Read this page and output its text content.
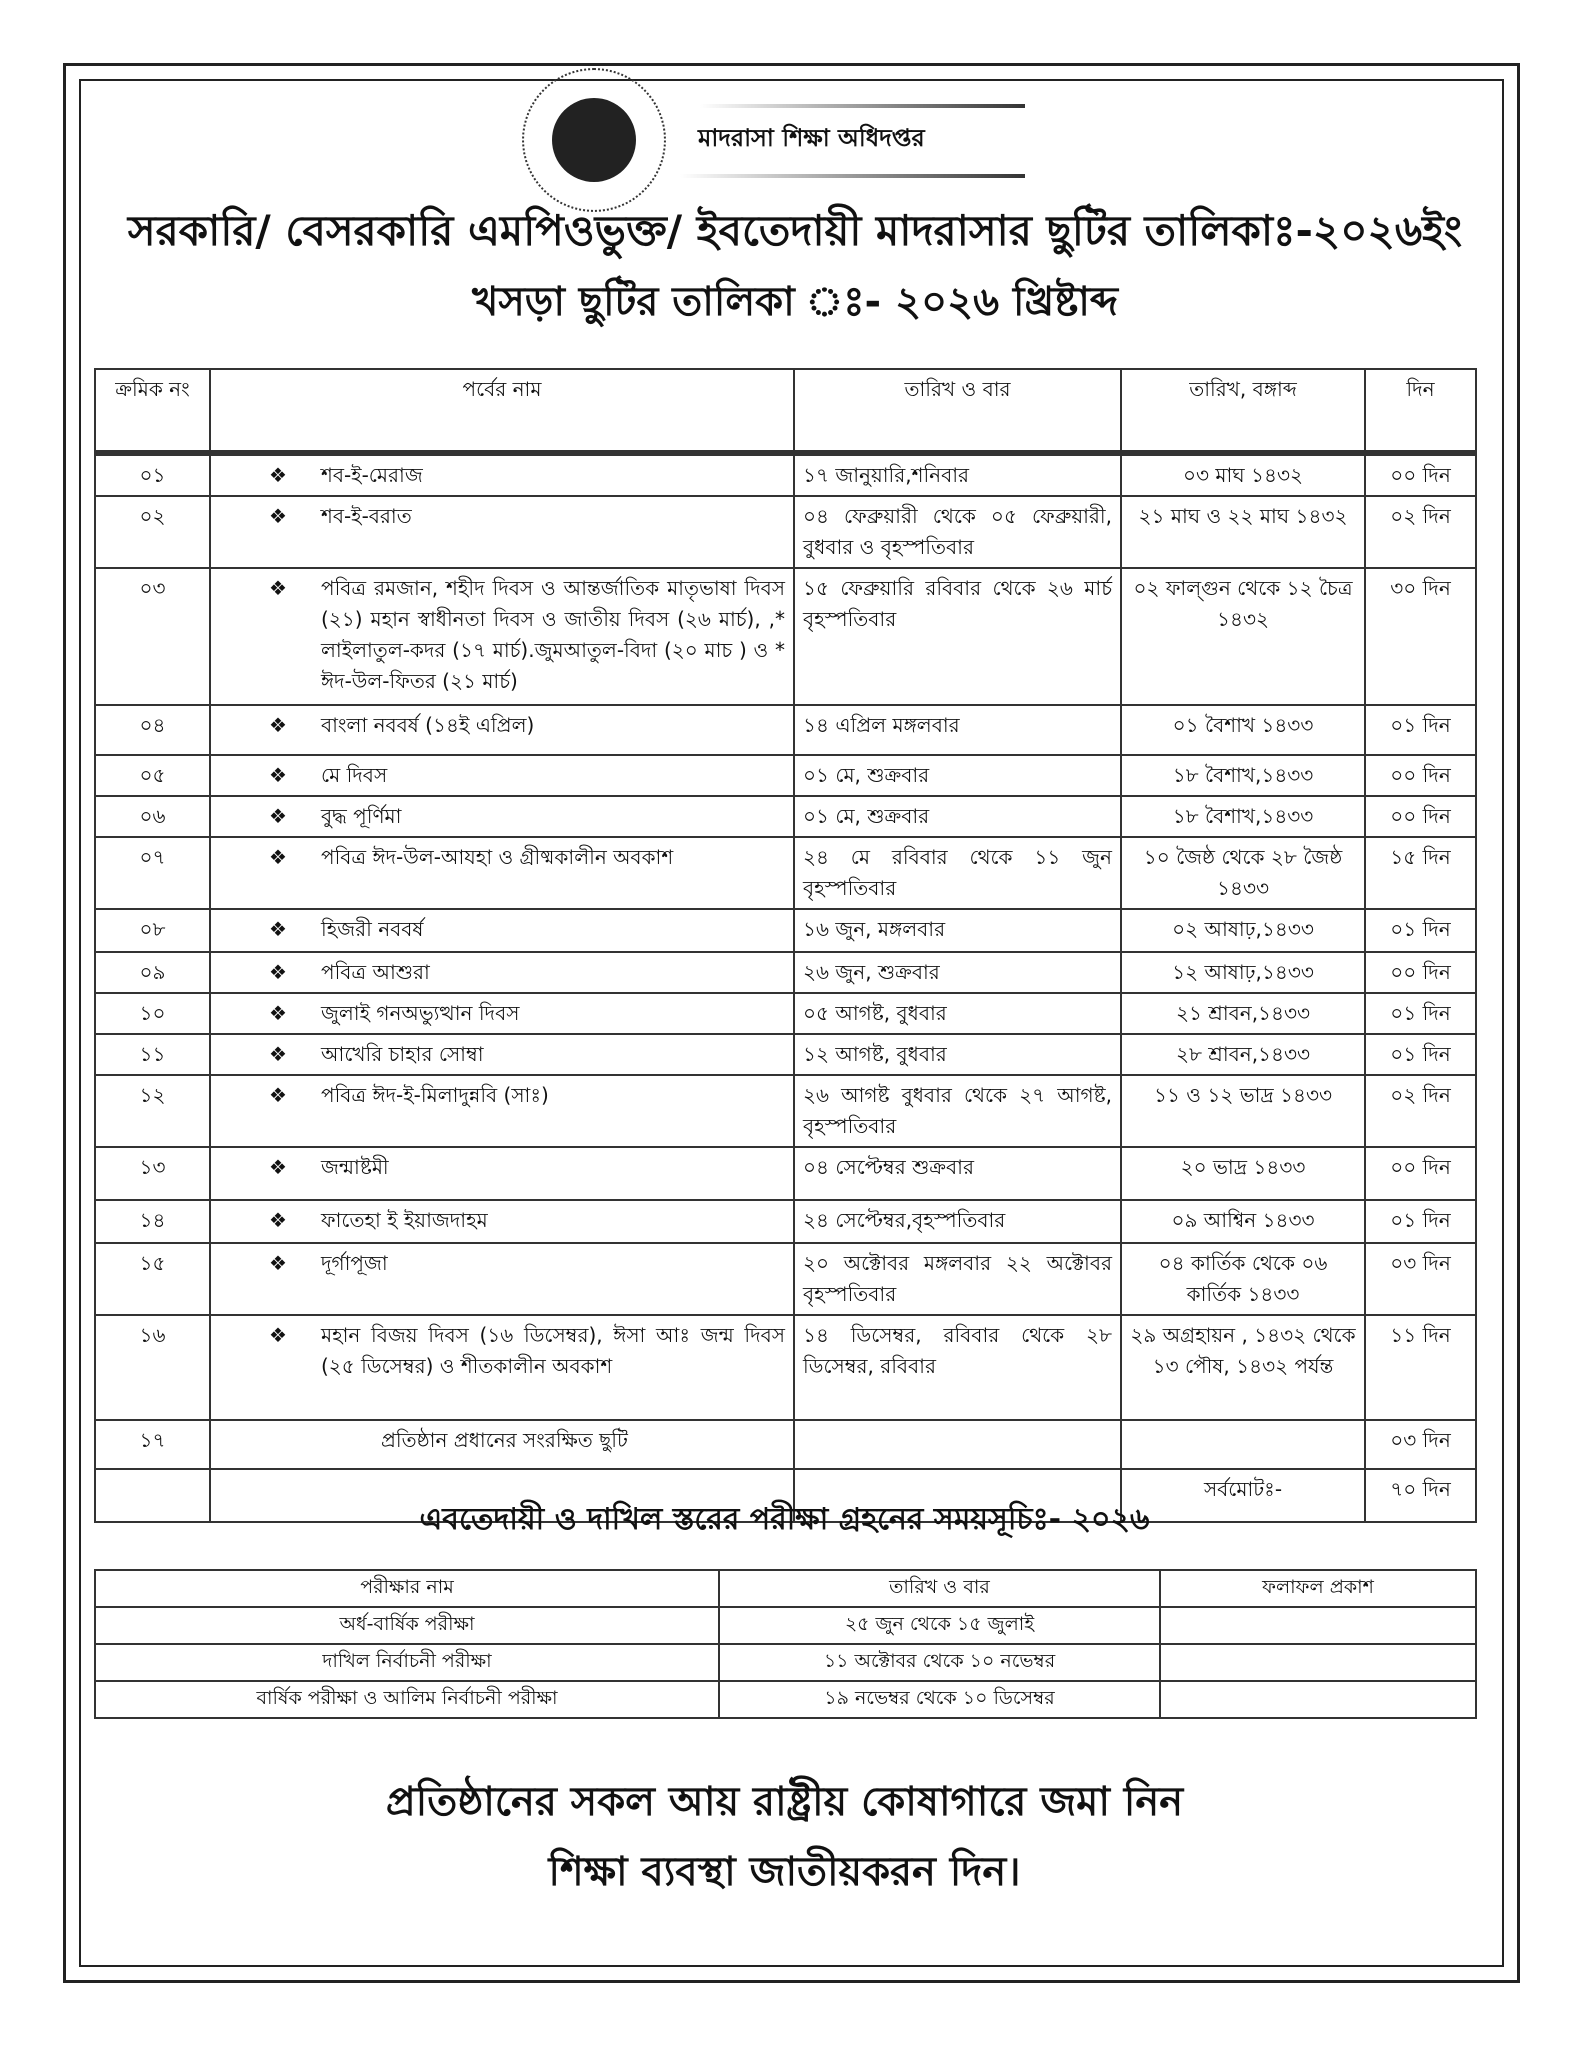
মাদরাসা শিক্ষা অধিদপ্তর
সরকারি/ বেসরকারি এমপিওভুক্ত/ ইবতেদায়ী মাদরাসার ছুটির তালিকাঃ-২০২৬ইং
খসড়া ছুটির তালিকা ঃ- ২০২৬ খ্রিষ্টাব্দ
ক্রমিক নং	পর্বের নাম	তারিখ ও বার	তারিখ, বঙ্গাব্দ	দিন
০১	❖ শব-ই-মেরাজ	১৭ জানুয়ারি,শনিবার	০৩ মাঘ ১৪৩২	০০ দিন
০২	❖ শব-ই-বরাত	০৪ ফেব্রুয়ারী থেকে ০৫ ফেব্রুয়ারী, বুধবার ও বৃহস্পতিবার	২১ মাঘ ও ২২ মাঘ ১৪৩২	০২ দিন
০৩	❖ পবিত্র রমজান, শহীদ দিবস ও আন্তর্জাতিক মাতৃভাষা দিবস (২১) মহান স্বাধীনতা দিবস ও জাতীয় দিবস (২৬ মার্চ), ,* লাইলাতুল-কদর (১৭ মার্চ).জুমআতুল-বিদা (২০ মাচ ) ও * ঈদ-উল-ফিতর (২১ মার্চ)	১৫ ফেব্রুয়ারি রবিবার থেকে ২৬ মার্চ বৃহস্পতিবার	০২ ফাল্গুন থেকে ১২ চৈত্র ১৪৩২	৩০ দিন
০৪	❖ বাংলা নববর্ষ (১৪ই এপ্রিল)	১৪ এপ্রিল মঙ্গলবার	০১ বৈশাখ ১৪৩৩	০১ দিন
০৫	❖ মে দিবস	০১ মে, শুক্রবার	১৮ বৈশাখ,১৪৩৩	০০ দিন
০৬	❖ বুদ্ধ পূর্ণিমা	০১ মে, শুক্রবার	১৮ বৈশাখ,১৪৩৩	০০ দিন
০৭	❖ পবিত্র ঈদ-উল-আযহা ও গ্রীষ্মকালীন অবকাশ	২৪ মে রবিবার থেকে ১১ জুন বৃহস্পতিবার	১০ জৈষ্ঠ থেকে ২৮ জৈষ্ঠ ১৪৩৩	১৫ দিন
০৮	❖ হিজরী নববর্ষ	১৬ জুন, মঙ্গলবার	০২ আষাঢ়,১৪৩৩	০১ দিন
০৯	❖ পবিত্র আশুরা	২৬ জুন, শুক্রবার	১২ আষাঢ়,১৪৩৩	০০ দিন
১০	❖ জুলাই গনঅভ্যুত্থান দিবস	০৫ আগষ্ট, বুধবার	২১ শ্রাবন,১৪৩৩	০১ দিন
১১	❖ আখেরি চাহার সোম্বা	১২ আগষ্ট, বুধবার	২৮ শ্রাবন,১৪৩৩	০১ দিন
১২	❖ পবিত্র ঈদ-ই-মিলাদুন্নবি (সাঃ)	২৬ আগষ্ট বুধবার থেকে ২৭ আগষ্ট, বৃহস্পতিবার	১১ ও ১২ ভাদ্র ১৪৩৩	০২ দিন
১৩	❖ জন্মাষ্টমী	০৪ সেপ্টেম্বর শুক্রবার	২০ ভাদ্র ১৪৩৩	০০ দিন
১৪	❖ ফাতেহা ই ইয়াজদাহম	২৪ সেপ্টেম্বর,বৃহস্পতিবার	০৯ আশ্বিন ১৪৩৩	০১ দিন
১৫	❖ দূর্গাপূজা	২০ অক্টোবর মঙ্গলবার ২২ অক্টোবর বৃহস্পতিবার	০৪ কার্তিক থেকে ০৬ কার্তিক ১৪৩৩	০৩ দিন
১৬	❖ মহান বিজয় দিবস (১৬ ডিসেম্বর), ঈসা আঃ জন্ম দিবস (২৫ ডিসেম্বর) ও শীতকালীন অবকাশ	১৪ ডিসেম্বর, রবিবার থেকে ২৮ ডিসেম্বর, রবিবার	২৯ অগ্রহায়ন , ১৪৩২ থেকে ১৩ পৌষ, ১৪৩২ পর্যন্ত	১১ দিন
১৭	প্রতিষ্ঠান প্রধানের সংরক্ষিত ছুটি			০৩ দিন
			সর্বমোটঃ-	৭০ দিন
এবতেদায়ী ও দাখিল স্তরের পরীক্ষা গ্রহনের সময়সূচিঃ- ২০২৬
পরীক্ষার নাম	তারিখ ও বার	ফলাফল প্রকাশ
অর্ধ-বার্ষিক পরীক্ষা	২৫ জুন থেকে ১৫ জুলাই	
দাখিল নির্বাচনী পরীক্ষা	১১ অক্টোবর থেকে ১০ নভেম্বর	
বার্ষিক পরীক্ষা ও আলিম নির্বাচনী পরীক্ষা	১৯ নভেম্বর থেকে ১০ ডিসেম্বর	
প্রতিষ্ঠানের সকল আয় রাষ্ট্রীয় কোষাগারে জমা নিন
শিক্ষা ব্যবস্থা জাতীয়করন দিন।
